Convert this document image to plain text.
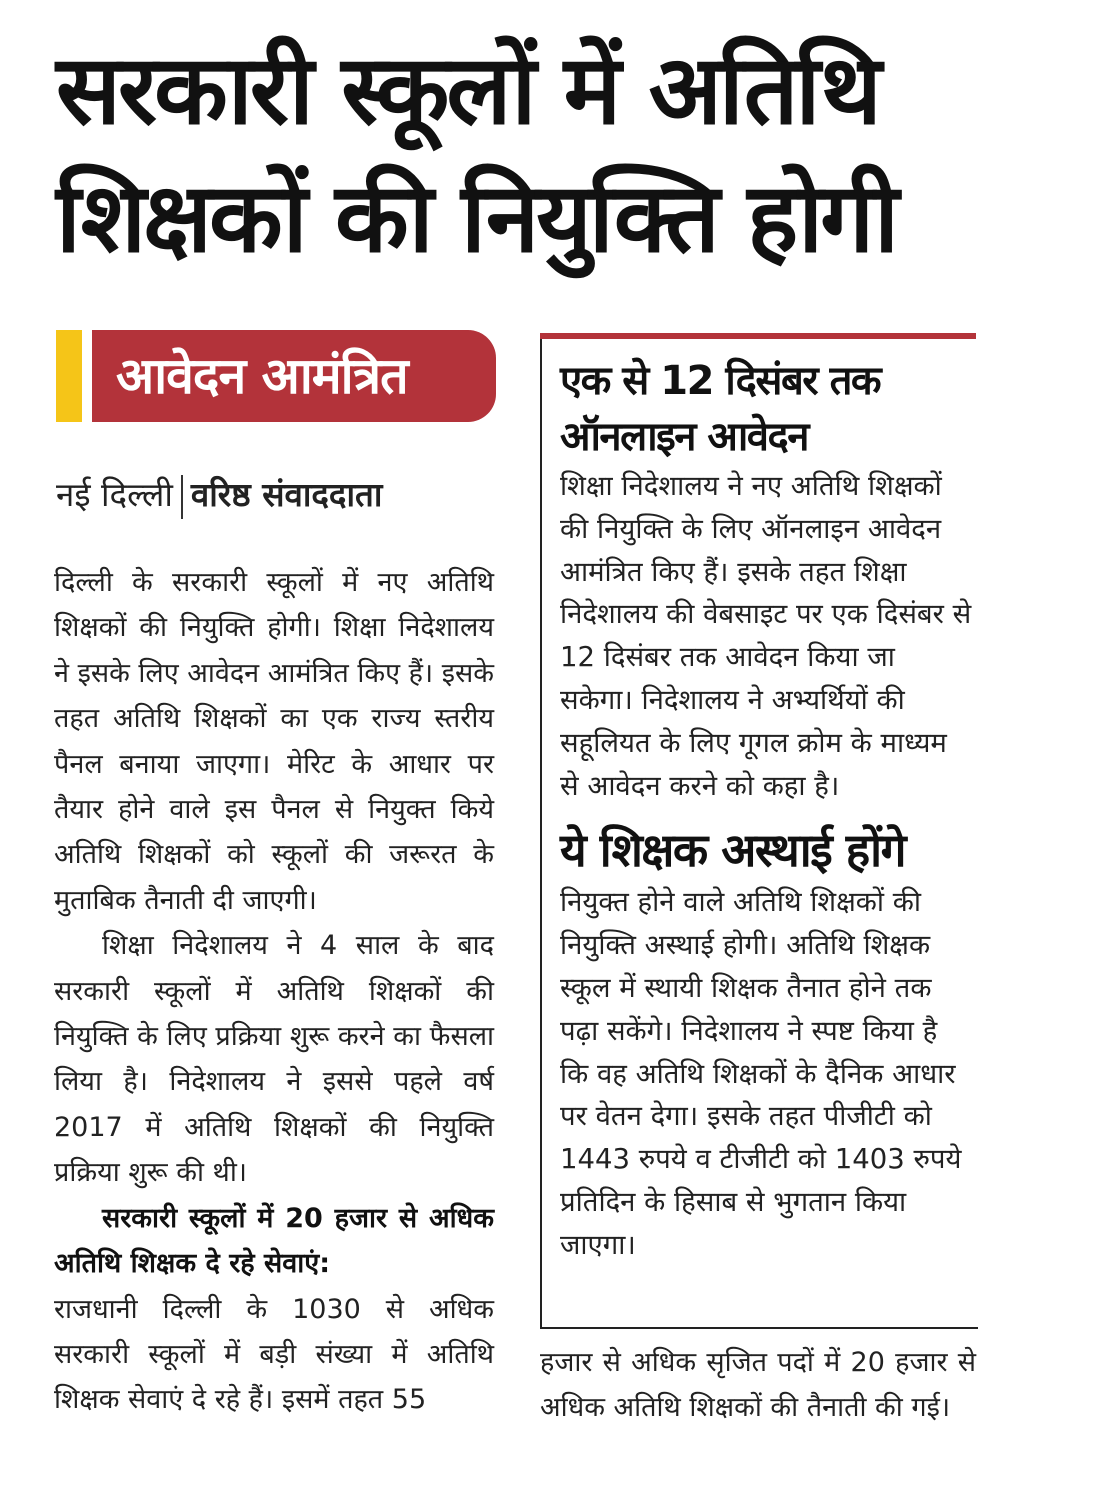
सरकारी स्कूलों में अतिथि
शिक्षकों की नियुक्ति होगी
आवेदन आमंत्रित
नई दिल्ली वरिष्ठ संवाददाता

दिल्ली के सरकारी स्कूलों में नए अतिथि शिक्षकों की नियुक्ति होगी। शिक्षा निदेशालय ने इसके लिए आवेदन आमंत्रित किए हैं। इसके तहत अतिथि शिक्षकों का एक राज्य स्तरीय पैनल बनाया जाएगा। मेरिट के आधार पर तैयार होने वाले इस पैनल से नियुक्त किये अतिथि शिक्षकों को स्कूलों की जरूरत के मुताबिक तैनाती दी जाएगी।

शिक्षा निदेशालय ने 4 साल के बाद सरकारी स्कूलों में अतिथि शिक्षकों की नियुक्ति के लिए प्रक्रिया शुरू करने का फैसला लिया है। निदेशालय ने इससे पहले वर्ष 2017 में अतिथि शिक्षकों की नियुक्ति प्रक्रिया शुरू की थी।

सरकारी स्कूलों में 20 हजार से अधिक अतिथि शिक्षक दे रहे सेवाएं:

राजधानी दिल्ली के 1030 से अधिक सरकारी स्कूलों में बड़ी संख्या में अतिथि शिक्षक सेवाएं दे रहे हैं। इसमें तहत 55

एक से 12 दिसंबर तक

ऑनलाइन आवेदन

शिक्षा निदेशालय ने नए अतिथि शिक्षकों की नियुक्ति के लिए ऑनलाइन आवेदन आमंत्रित किए हैं। इसके तहत शिक्षा निदेशालय की वेबसाइट पर एक दिसंबर से 12 दिसंबर तक आवेदन किया जा सकेगा। निदेशालय ने अभ्यर्थियों की सहूलियत के लिए गूगल क्रोम के माध्यम से आवेदन करने को कहा है।

ये शिक्षक अस्थाई होंगे

नियुक्त होने वाले अतिथि शिक्षकों की नियुक्ति अस्थाई होगी। अतिथि शिक्षक स्कूल में स्थायी शिक्षक तैनात होने तक पढ़ा सकेंगे। निदेशालय ने स्पष्ट किया है कि वह अतिथि शिक्षकों के दैनिक आधार पर वेतन देगा। इसके तहत पीजीटी को 1443 रुपये व टीजीटी को 1403 रुपये प्रतिदिन के हिसाब से भुगतान किया जाएगा।

हजार से अधिक सृजित पदों में 20 हजार से अधिक अतिथि शिक्षकों की तैनाती की गई।
